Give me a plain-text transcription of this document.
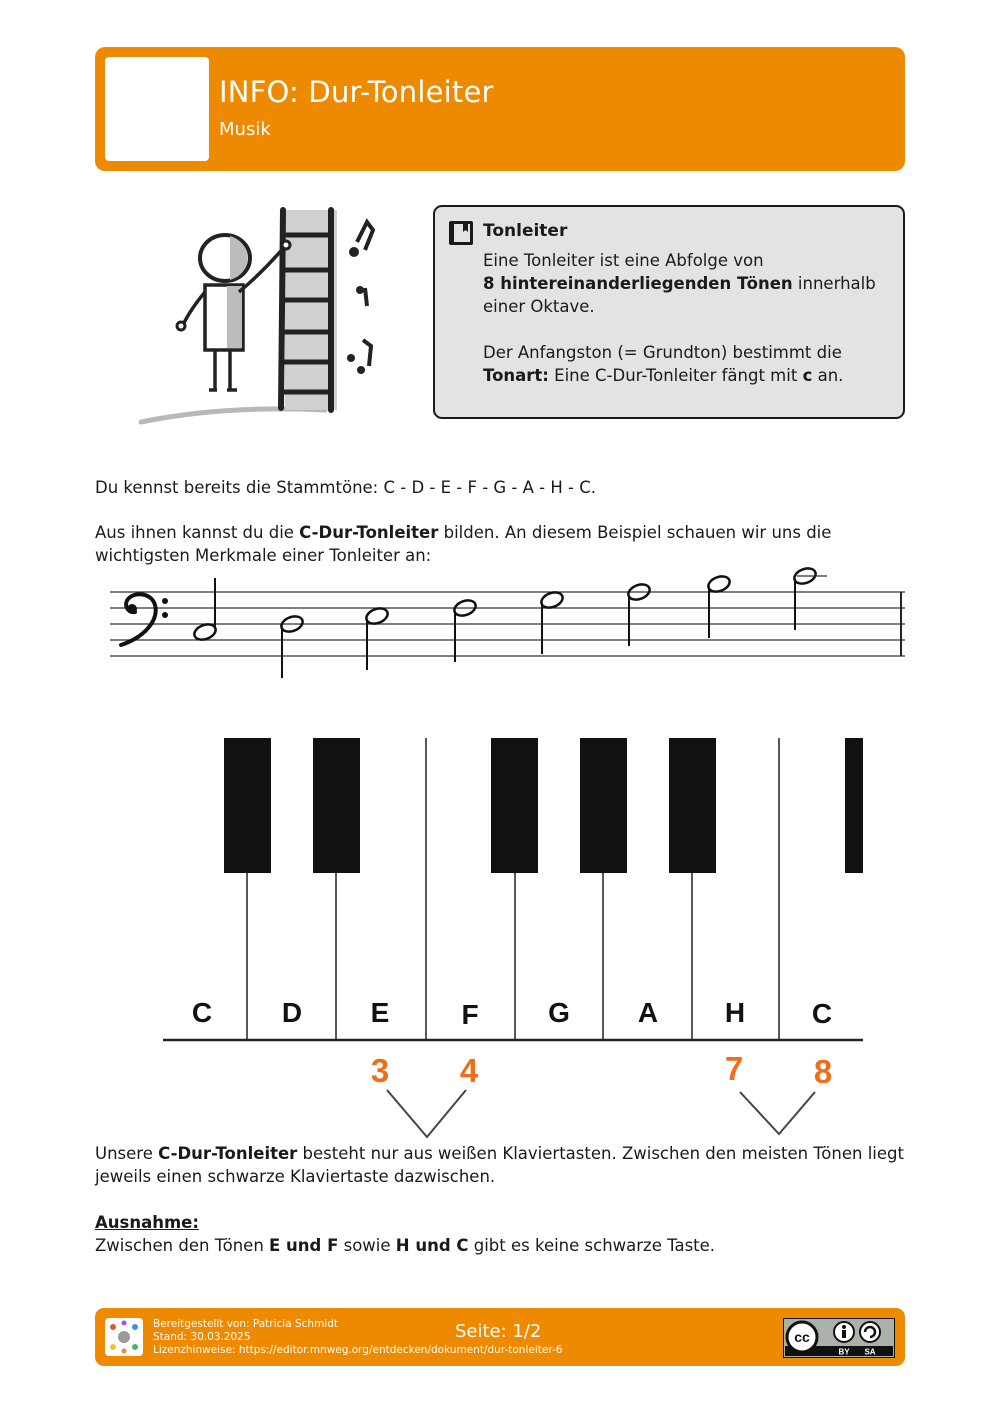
INFO: Dur-Tonleiter
Musik
Tonleiter

Eine Tonleiter ist eine Abfolge von
8 hintereinanderliegenden Tönen innerhalb einer Oktave.

Der Anfangston (= Grundton) bestimmt die
Tonart: Eine C-Dur-Tonleiter fängt mit c an.

Du kennst bereits die Stammtöne: C - D - E - F - G - A - H - C.
Aus ihnen kannst du die C-Dur-Tonleiter bilden. An diesem Beispiel schauen wir uns die wichtigsten Merkmale einer Tonleiter an:
C D E	F G A H C
3 4	7 8
Unsere C-Dur-Tonleiter besteht nur aus weißen Klaviertasten. Zwischen den meisten Tönen liegt jeweils einen schwarze Klaviertaste dazwischen.
Ausnahme:
Zwischen den Tönen E und F sowie H und C gibt es keine schwarze Taste.
Bereitgestellt von: Patricia Schmidt
Stand: 30.03.2025
Lizenzhinweise: https://editor.mnweg.org/entdecken/dokument/dur-tonleiter-6
Seite: 1/2	cc
BY SA
